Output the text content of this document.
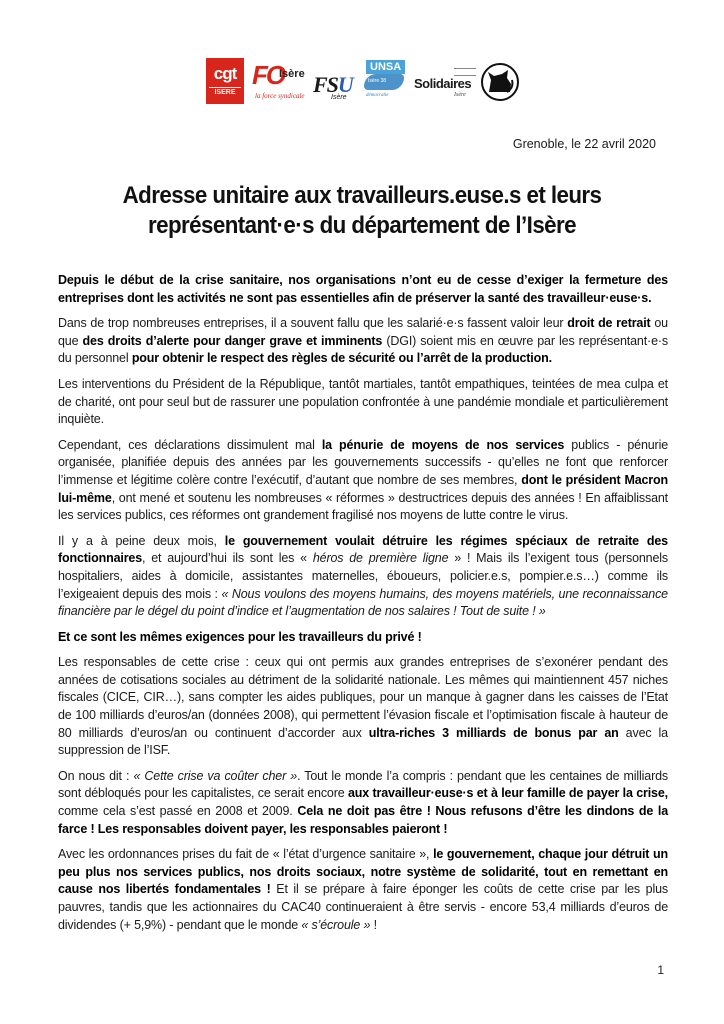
cgt
ISERE
FO
Isère
la force syndicale FSU
Isère
UNSA
Isère 38
démocratie
Solidaires
Isère
Grenoble, le 22 avril 2020
Adresse unitaire aux travailleurs.euse.s et leurs
représentant·e·s du département de l’Isère

Depuis le début de la crise sanitaire, nos organisations n’ont eu de cesse d’exiger la fermeture des entreprises dont les activités ne sont pas essentielles afin de préserver la santé des travailleur·euse·s.

Dans de trop nombreuses entreprises, il a souvent fallu que les salarié·e·s fassent valoir leur droit de retrait ou que des droits d’alerte pour danger grave et imminents (DGI) soient mis en œuvre par les représentant·e·s du personnel pour obtenir le respect des règles de sécurité ou l’arrêt de la production.

Les interventions du Président de la République, tantôt martiales, tantôt empathiques, teintées de mea culpa et de charité, ont pour seul but de rassurer une population confrontée à une pandémie mondiale et particulièrement inquiète.

Cependant, ces déclarations dissimulent mal la pénurie de moyens de nos services publics - pénurie organisée, planifiée depuis des années par les gouvernements successifs - qu’elles ne font que renforcer l’immense et légitime colère contre l’exécutif, d’autant que nombre de ses membres, dont le président Macron lui-même, ont mené et soutenu les nombreuses « réformes » destructrices depuis des années ! En affaiblissant les services publics, ces réformes ont grandement fragilisé nos moyens de lutte contre le virus.

Il y a à peine deux mois, le gouvernement voulait détruire les régimes spéciaux de retraite des fonctionnaires, et aujourd’hui ils sont les « héros de première ligne » ! Mais ils l’exigent tous (personnels hospitaliers, aides à domicile, assistantes maternelles, éboueurs, policier.e.s, pompier.e.s…) comme ils l’exigeaient depuis des mois : « Nous voulons des moyens humains, des moyens matériels, une reconnaissance financière par le dégel du point d’indice et l’augmentation de nos salaires ! Tout de suite ! »

Et ce sont les mêmes exigences pour les travailleurs du privé !

Les responsables de cette crise : ceux qui ont permis aux grandes entreprises de s’exonérer pendant des années de cotisations sociales au détriment de la solidarité nationale. Les mêmes qui maintiennent 457 niches fiscales (CICE, CIR…), sans compter les aides publiques, pour un manque à gagner dans les caisses de l’Etat de 100 milliards d’euros/an (données 2008), qui permettent l’évasion fiscale et l’optimisation fiscale à hauteur de 80 milliards d’euros/an ou continuent d’accorder aux ultra-riches 3 milliards de bonus par an avec la suppression de l’ISF.

On nous dit : « Cette crise va coûter cher ». Tout le monde l’a compris : pendant que les centaines de milliards sont débloqués pour les capitalistes, ce serait encore aux travailleur·euse·s et à leur famille de payer la crise, comme cela s’est passé en 2008 et 2009. Cela ne doit pas être ! Nous refusons d’être les dindons de la farce ! Les responsables doivent payer, les responsables paieront !

Avec les ordonnances prises du fait de « l’état d’urgence sanitaire », le gouvernement, chaque jour détruit un peu plus nos services publics, nos droits sociaux, notre système de solidarité, tout en remettant en cause nos libertés fondamentales ! Et il se prépare à faire éponger les coûts de cette crise par les plus pauvres, tandis que les actionnaires du CAC40 continueraient à être servis - encore 53,4 milliards d’euros de dividendes (+ 5,9%) - pendant que le monde « s’écroule » !

1
